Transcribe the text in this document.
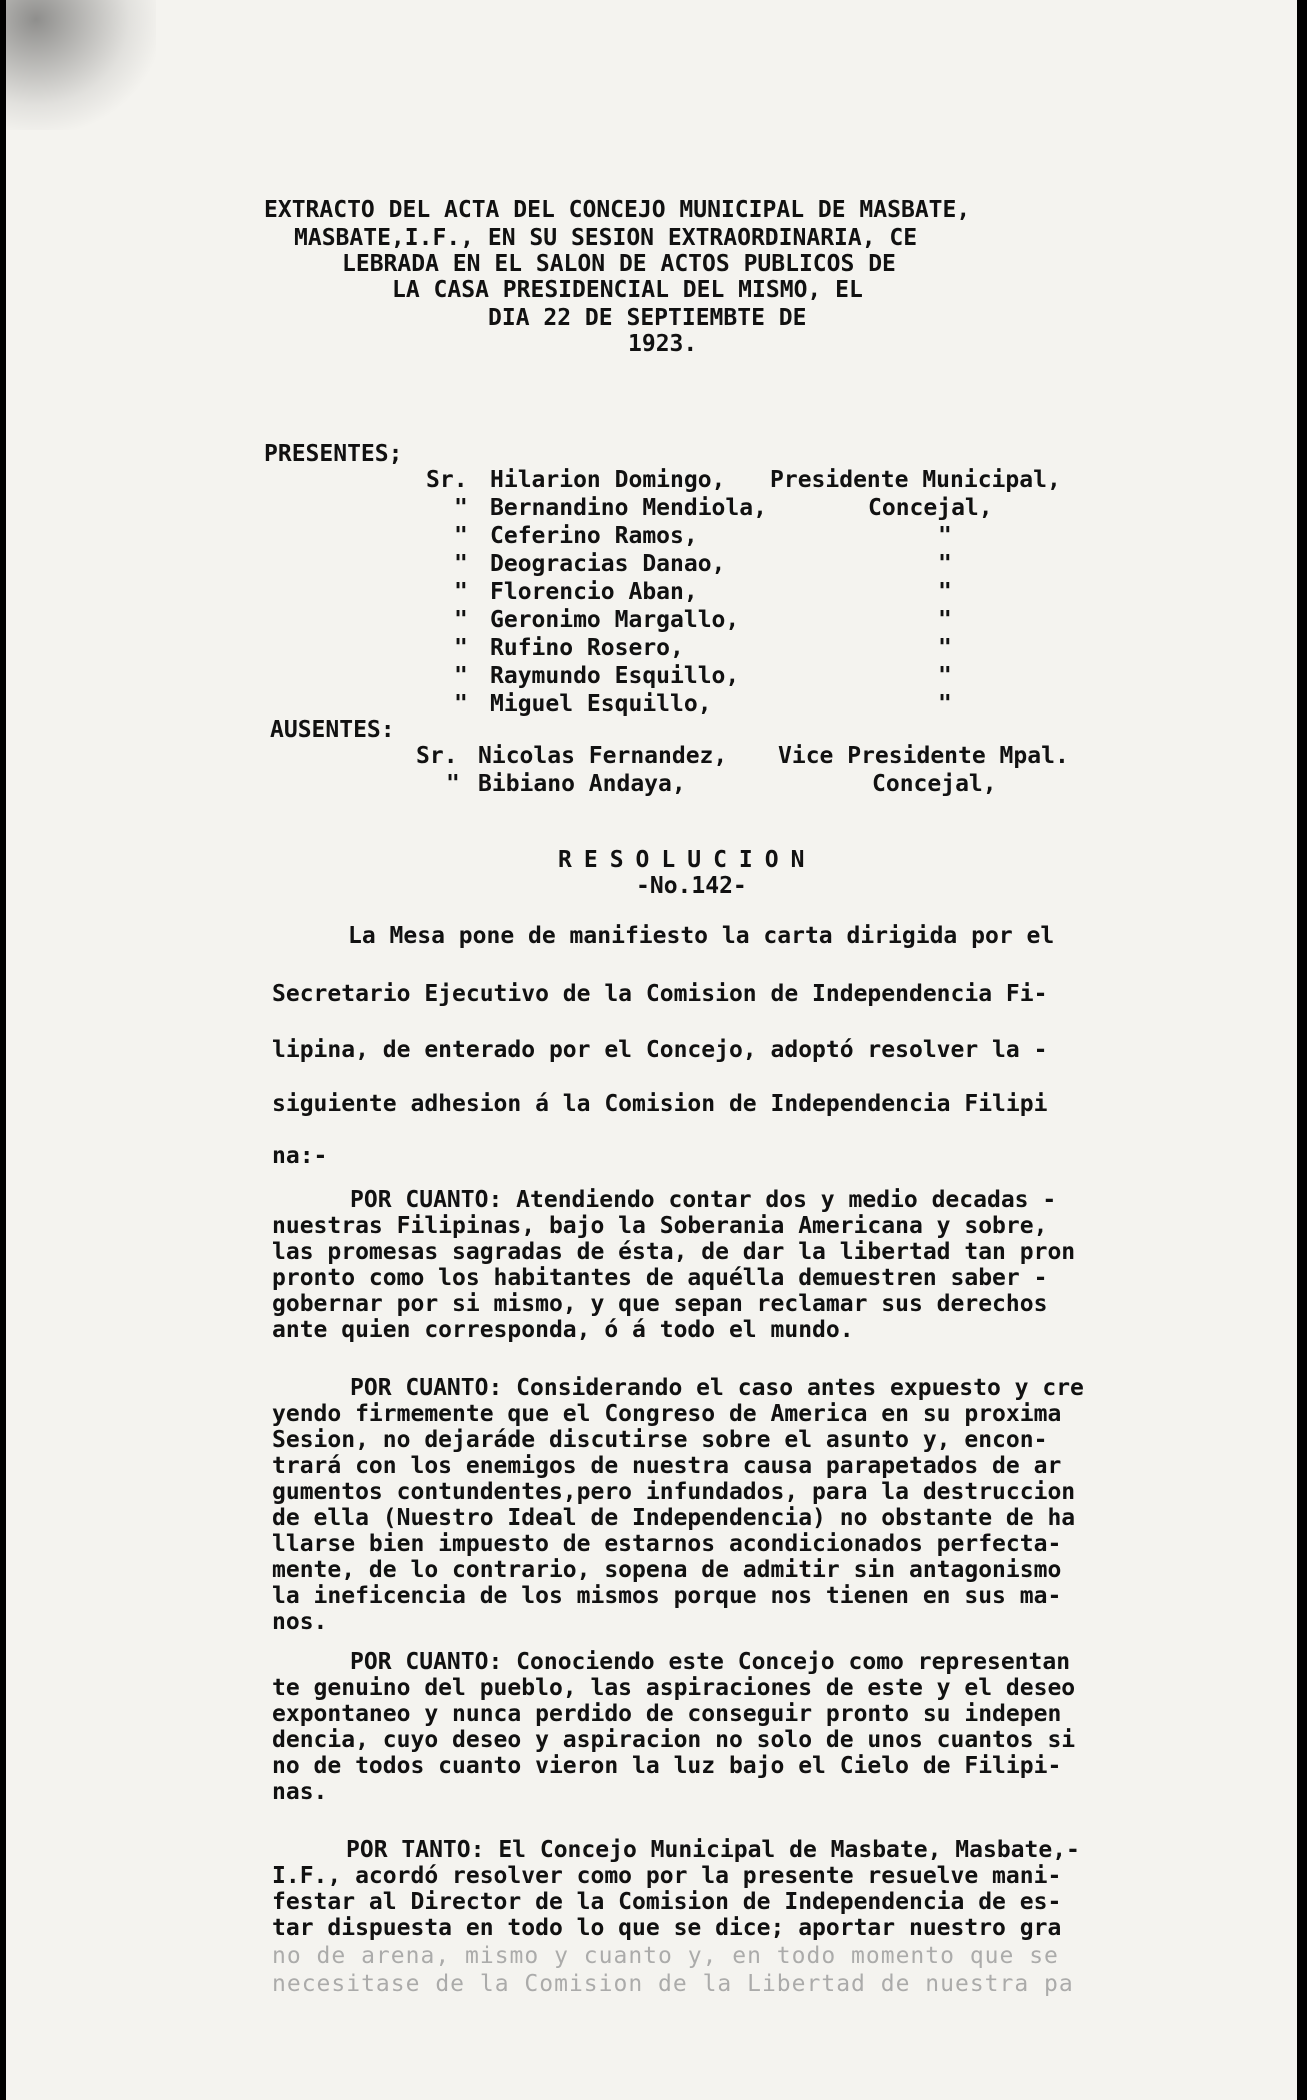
EXTRACTO DEL ACTA DEL CONCEJO MUNICIPAL DE MASBATE,
MASBATE,I.F., EN SU SESION EXTRAORDINARIA, CE
LEBRADA EN EL SALON DE ACTOS PUBLICOS DE
LA CASA PRESIDENCIAL DEL MISMO, EL
DIA 22 DE SEPTIEMBTE DE
1923.
PRESENTES;
Sr. Hilarion Domingo, Presidente Municipal,
" Bernandino Mendiola,	Concejal,
" Ceferino Ramos,	"
" Deogracias Danao,	"
" Florencio Aban,	"
" Geronimo Margallo,	"
" Rufino Rosero,	"
" Raymundo Esquillo,	"
" Miguel Esquillo,	"
AUSENTES:
Sr. Nicolas Fernandez, Vice Presidente Mpal.
" Bibiano Andaya,	Concejal,
RESOLUCION
-No.142-
La Mesa pone de manifiesto la carta dirigida por el
Secretario Ejecutivo de la Comision de Independencia Fi-
lipina, de enterado por el Concejo, adoptó resolver la -
siguiente adhesion á la Comision de Independencia Filipi
na:-
POR CUANTO: Atendiendo contar dos y medio decadas -
nuestras Filipinas, bajo la Soberania Americana y sobre,
las promesas sagradas de ésta, de dar la libertad tan pron
pronto como los habitantes de aquélla demuestren saber -
gobernar por si mismo, y que sepan reclamar sus derechos
ante quien corresponda, ó á todo el mundo.
POR CUANTO: Considerando el caso antes expuesto y cre
yendo firmemente que el Congreso de America en su proxima
Sesion, no dejaráde discutirse sobre el asunto y, encon-
trará con los enemigos de nuestra causa parapetados de ar
gumentos contundentes,pero infundados, para la destruccion
de ella (Nuestro Ideal de Independencia) no obstante de ha
llarse bien impuesto de estarnos acondicionados perfecta-
mente, de lo contrario, sopena de admitir sin antagonismo
la ineficencia de los mismos porque nos tienen en sus ma-
nos.
POR CUANTO: Conociendo este Concejo como representan
te genuino del pueblo, las aspiraciones de este y el deseo
expontaneo y nunca perdido de conseguir pronto su indepen
dencia, cuyo deseo y aspiracion no solo de unos cuantos si
no de todos cuanto vieron la luz bajo el Cielo de Filipi-
nas.
POR TANTO: El Concejo Municipal de Masbate, Masbate,-
I.F., acordó resolver como por la presente resuelve mani-
festar al Director de la Comision de Independencia de es-
tar dispuesta en todo lo que se dice; aportar nuestro gra
no de arena, mismo y cuanto y, en todo momento que se
necesitase de la Comision de la Libertad de nuestra pa
